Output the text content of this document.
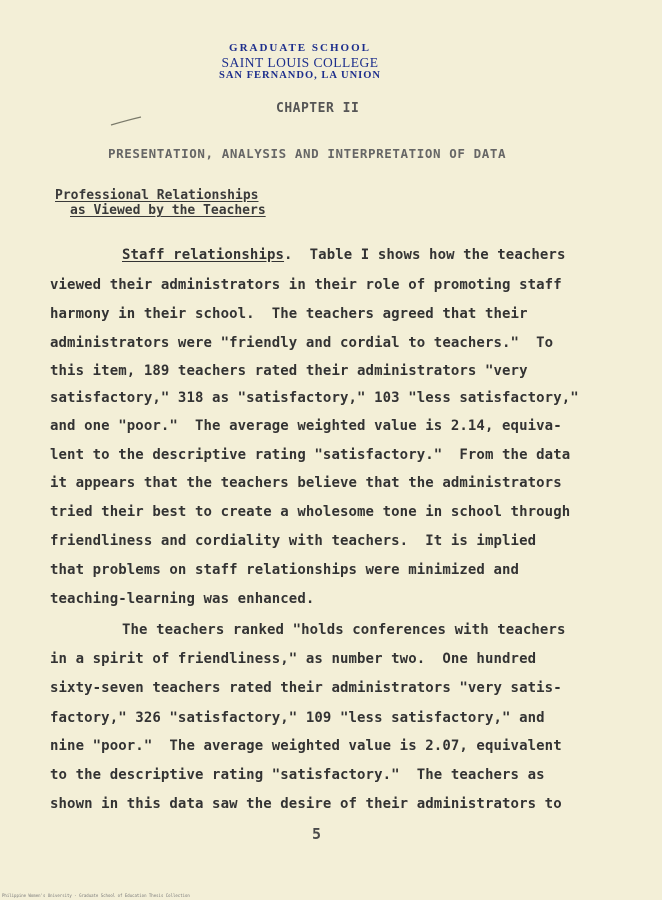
GRADUATE SCHOOL
SAINT LOUIS COLLEGE
SAN FERNANDO, LA UNION
CHAPTER II
PRESENTATION, ANALYSIS AND INTERPRETATION OF DATA
Professional Relationships
as Viewed by the Teachers
Staff relationships.  Table I shows how the teachers
viewed their administrators in their role of promoting staff
harmony in their school.  The teachers agreed that their
administrators were "friendly and cordial to teachers."  To
this item, 189 teachers rated their administrators "very
satisfactory," 318 as "satisfactory," 103 "less satisfactory,"
and one "poor."  The average weighted value is 2.14, equiva-
lent to the descriptive rating "satisfactory."  From the data
it appears that the teachers believe that the administrators
tried their best to create a wholesome tone in school through
friendliness and cordiality with teachers.  It is implied
that problems on staff relationships were minimized and
teaching-learning was enhanced.
The teachers ranked "holds conferences with teachers
in a spirit of friendliness," as number two.  One hundred
sixty-seven teachers rated their administrators "very satis-
factory," 326 "satisfactory," 109 "less satisfactory," and
nine "poor."  The average weighted value is 2.07, equivalent
to the descriptive rating "satisfactory."  The teachers as
shown in this data saw the desire of their administrators to
5
Philippine Women's University - Graduate School of Education Thesis Collection
